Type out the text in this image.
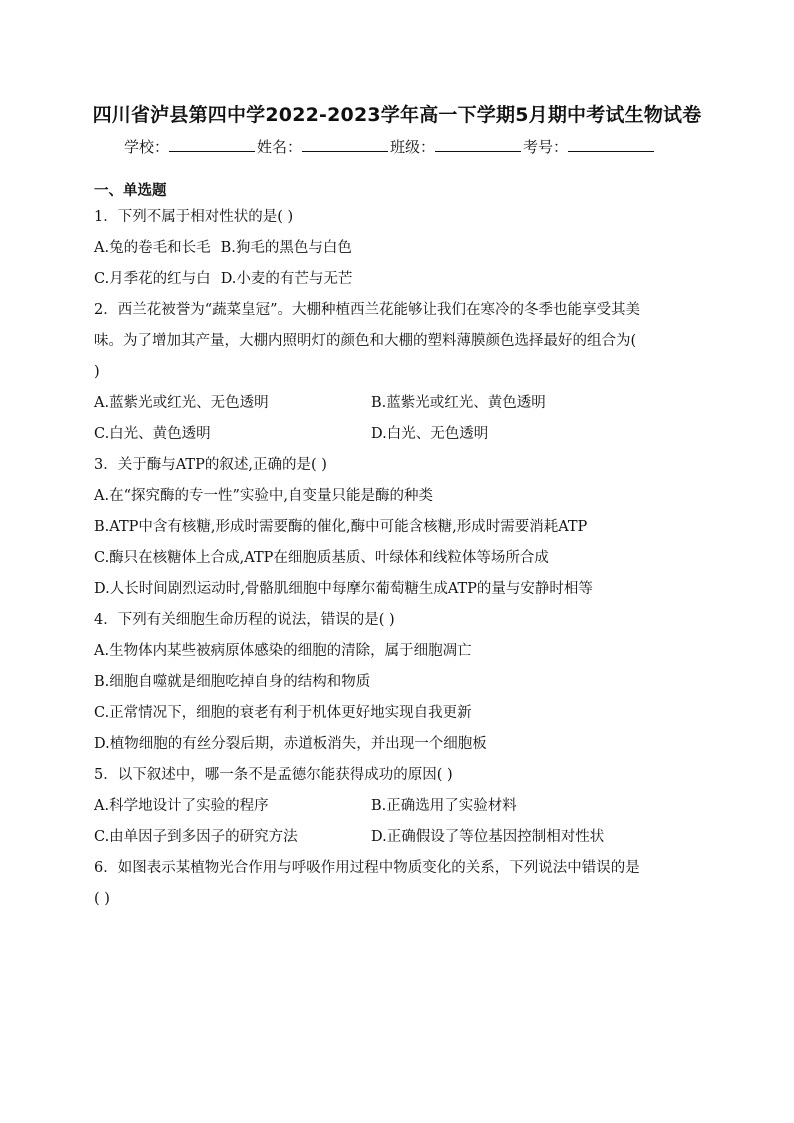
四川省泸县第四中学2022-2023学年高一下学期5月期中考试生物试卷
学校：	姓名：	班级：	考号：
一、单选题
1．下列不属于相对性状的是( )
A.兔的卷毛和长毛 B.狗毛的黑色与白色
C.月季花的红与白 D.小麦的有芒与无芒
2．西兰花被誉为“蔬菜皇冠”。大棚种植西兰花能够让我们在寒冷的冬季也能享受其美
味。为了增加其产量，大棚内照明灯的颜色和大棚的塑料薄膜颜色选择最好的组合为(
)
A.蓝紫光或红光、无色透明	B.蓝紫光或红光、黄色透明
C.白光、黄色透明	D.白光、无色透明
3．关于酶与ATP的叙述,正确的是( )
A.在“探究酶的专一性”实验中,自变量只能是酶的种类
B.ATP中含有核糖,形成时需要酶的催化,酶中可能含核糖,形成时需要消耗ATP
C.酶只在核糖体上合成,ATP在细胞质基质、叶绿体和线粒体等场所合成
D.人长时间剧烈运动时,骨骼肌细胞中每摩尔葡萄糖生成ATP的量与安静时相等
4．下列有关细胞生命历程的说法，错误的是( )
A.生物体内某些被病原体感染的细胞的清除，属于细胞凋亡
B.细胞自噬就是细胞吃掉自身的结构和物质
C.正常情况下，细胞的衰老有利于机体更好地实现自我更新
D.植物细胞的有丝分裂后期，赤道板消失，并出现一个细胞板
5．以下叙述中，哪一条不是孟德尔能获得成功的原因( )
A.科学地设计了实验的程序	B.正确选用了实验材料
C.由单因子到多因子的研究方法	D.正确假设了等位基因控制相对性状
6．如图表示某植物光合作用与呼吸作用过程中物质变化的关系，下列说法中错误的是
( )
